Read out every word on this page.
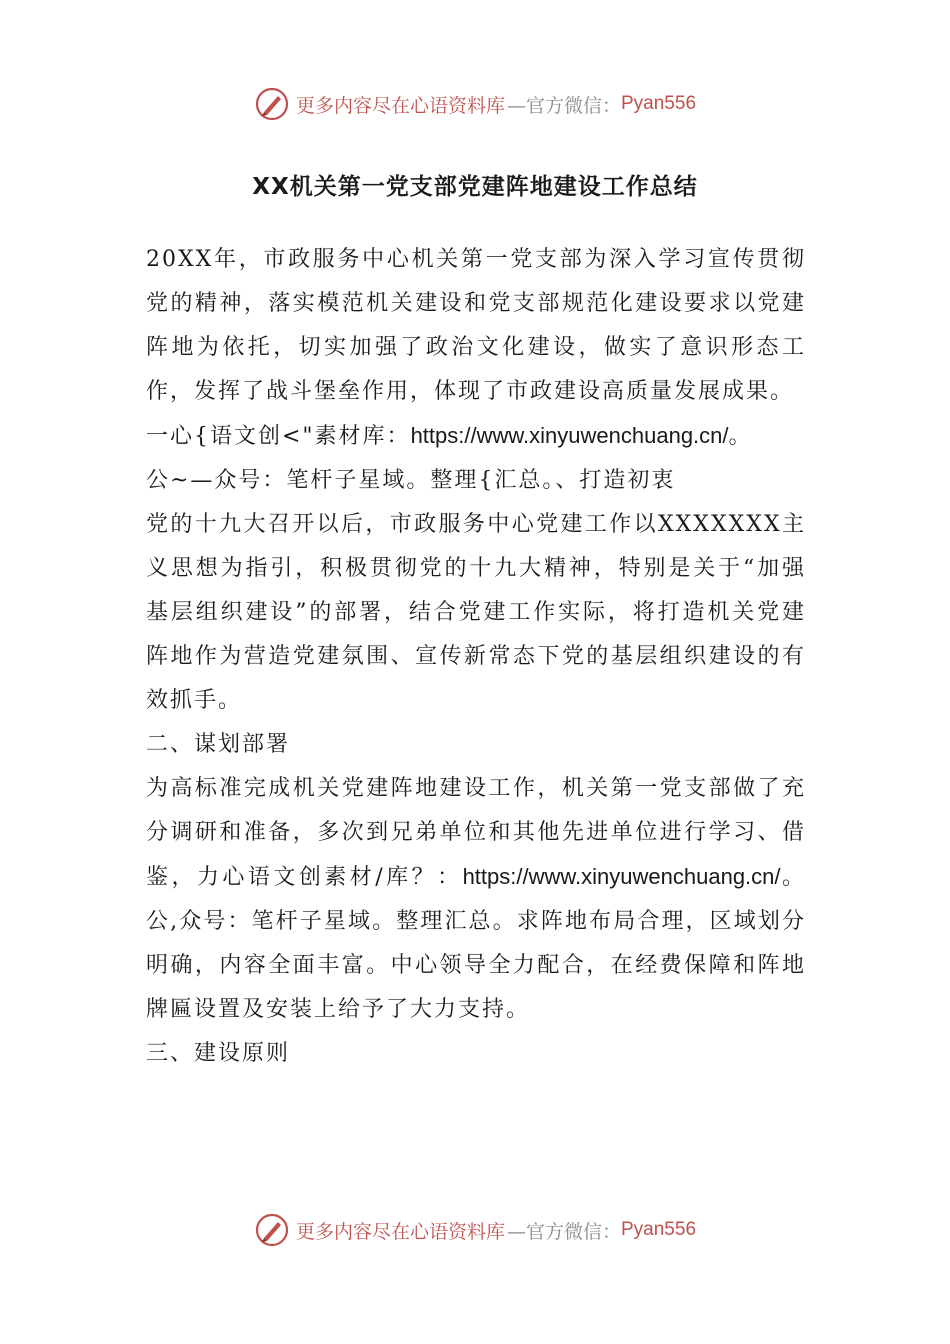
更多内容尽在心语资料库 —官方微信： Pyan556
XX机关第一党支部党建阵地建设工作总结

20XX年，市政服务中心机关第一党支部为深入学习宣传贯彻党的精神，落实模范机关建设和党支部规范化建设要求以党建阵地为依托，切实加强了政治文化建设，做实了意识形态工作，发挥了战斗堡垒作用，体现了市政建设高质量发展成果。

一心{语文创<"素材库：https://www.xinyuwenchuang.cn/。

公~—众号：笔杆子星域。整理{汇总。、打造初衷

党的十九大召开以后，市政服务中心党建工作以XXXXXXX主义思想为指引，积极贯彻党的十九大精神，特别是关于“加强基层组织建设”的部署，结合党建工作实际，将打造机关党建阵地作为营造党建氛围、宣传新常态下党的基层组织建设的有效抓手。

二、谋划部署

为高标准完成机关党建阵地建设工作，机关第一党支部做了充分调研和准备，多次到兄弟单位和其他先进单位进行学习、借鉴，力心语文创素材/库？：https://www.xinyuwenchuang.cn/。公,众号：笔杆子星域。整理汇总。求阵地布局合理，区域划分明确，内容全面丰富。中心领导全力配合，在经费保障和阵地牌匾设置及安装上给予了大力支持。

三、建设原则

更多内容尽在心语资料库 —官方微信： Pyan556
